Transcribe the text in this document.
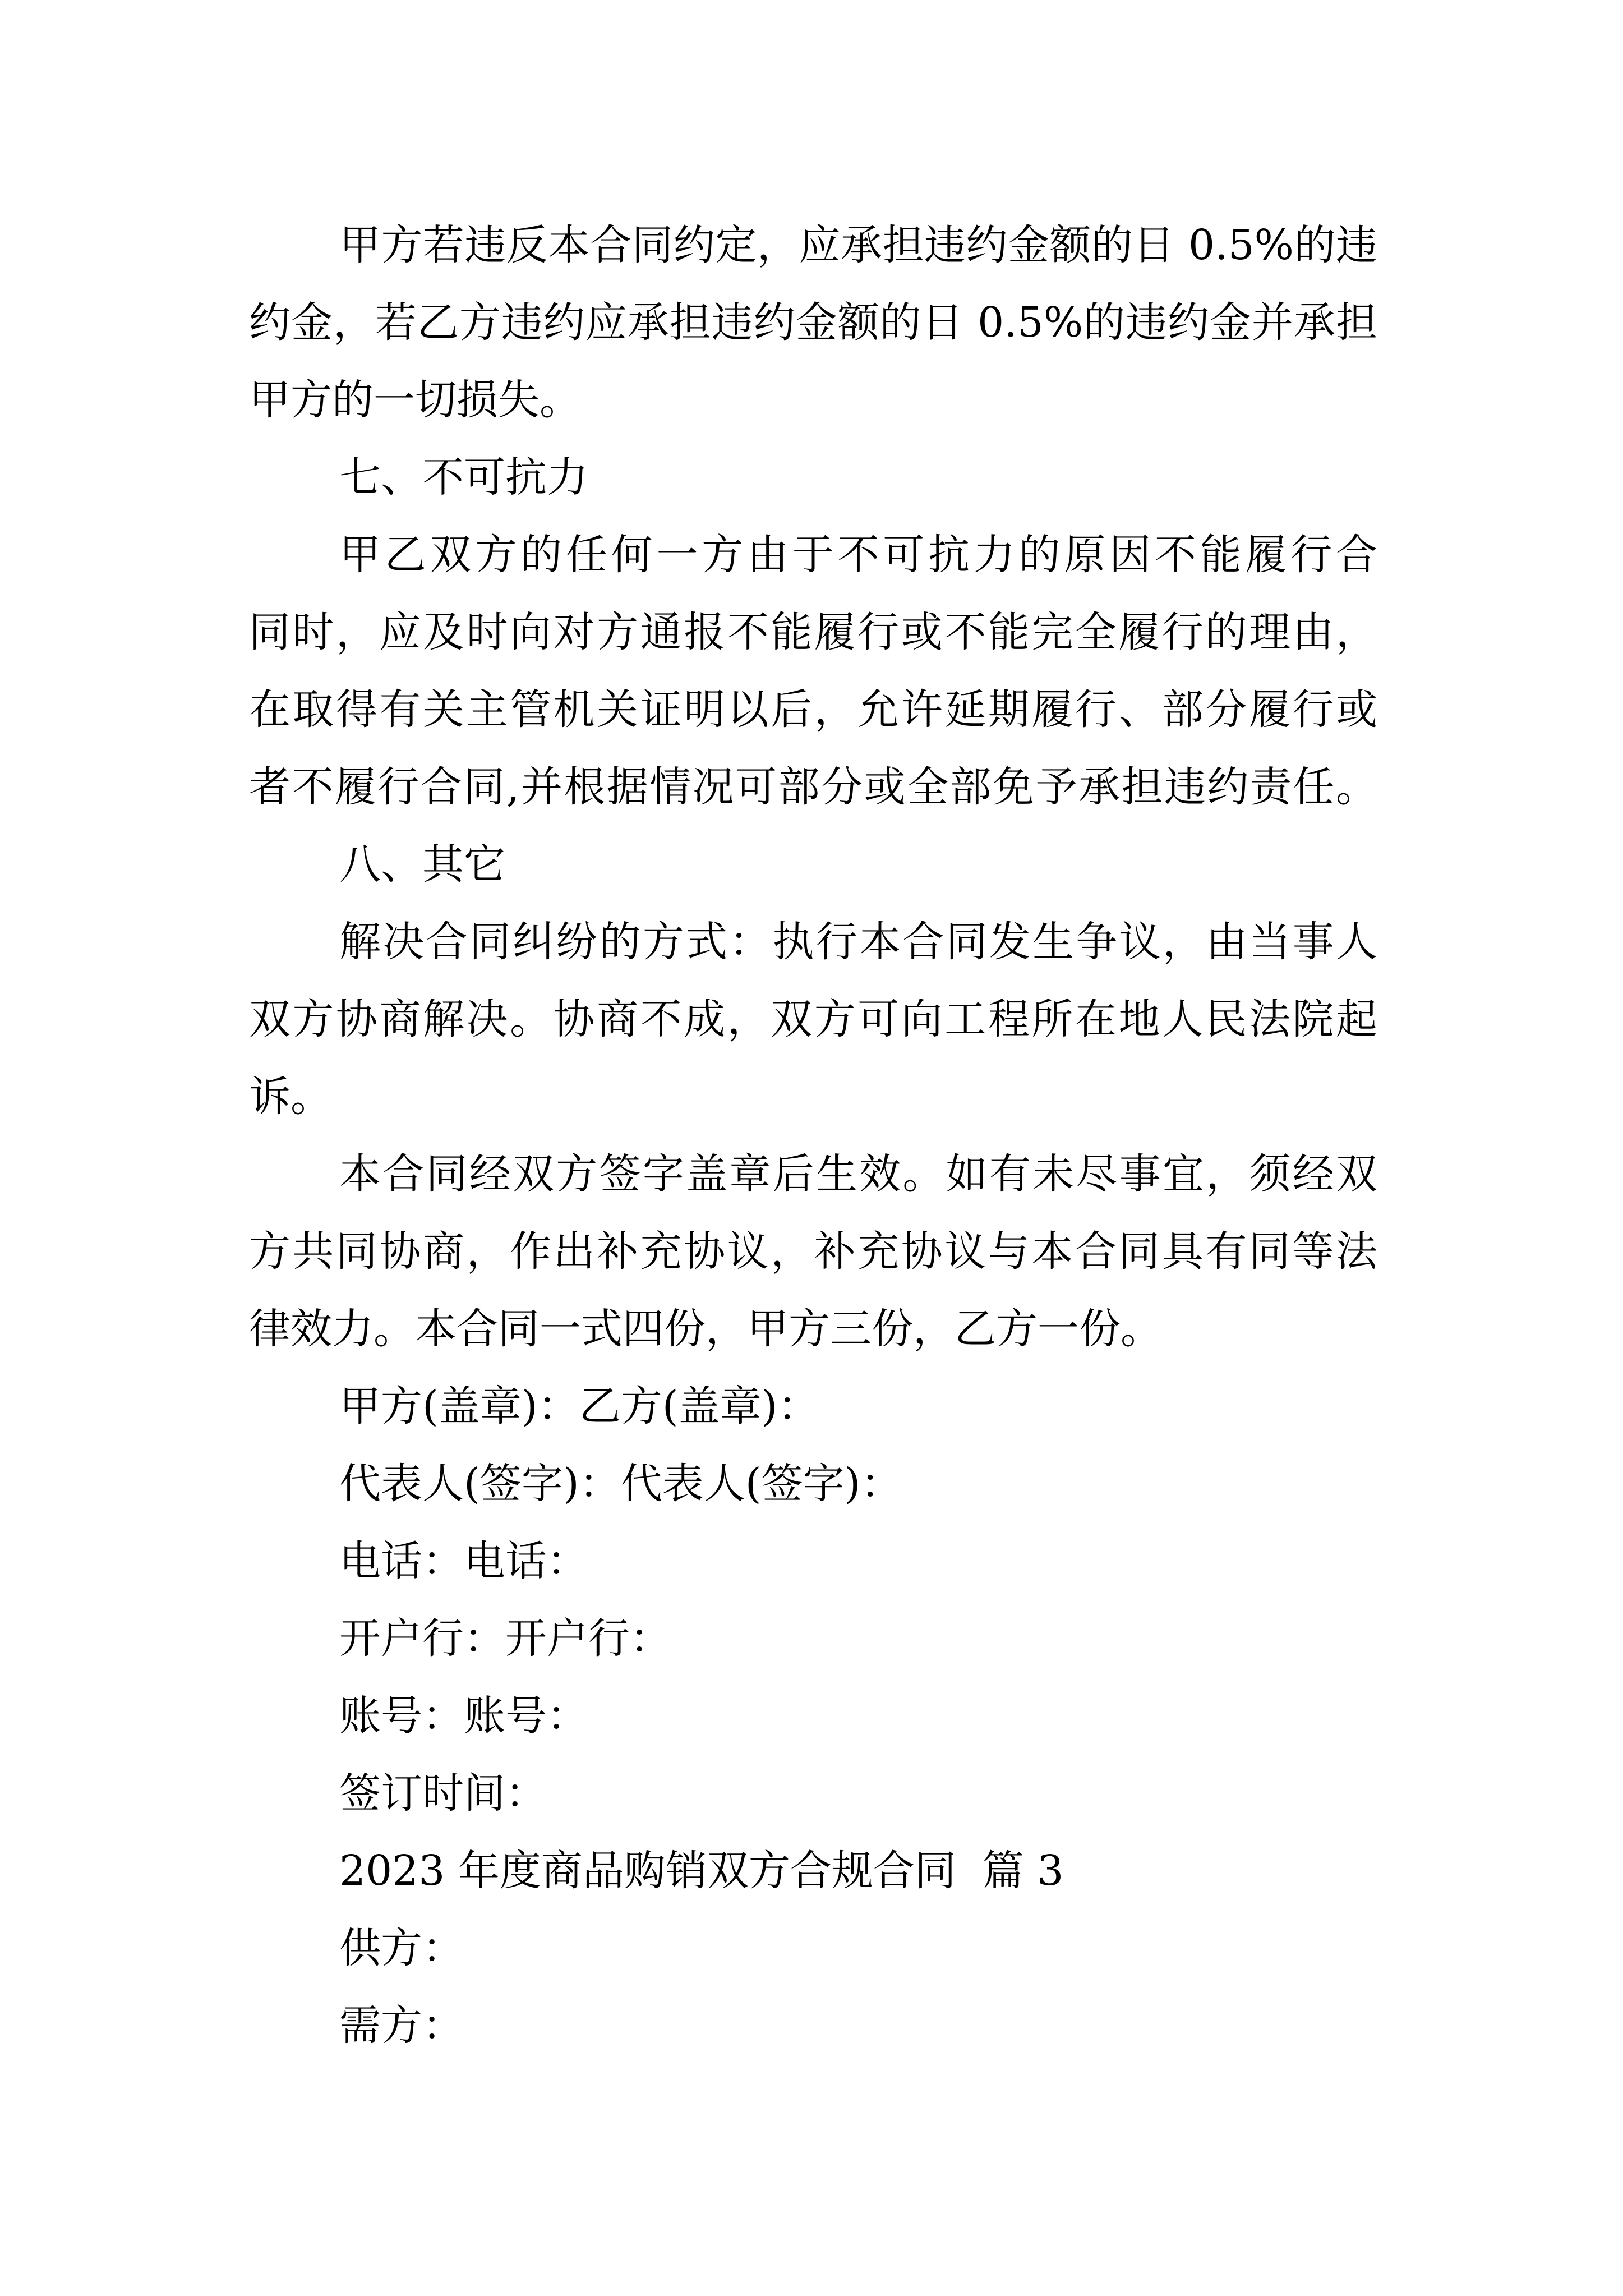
甲方若违反本合同约定，应承担违约金额的日 0.5%的违
约金，若乙方违约应承担违约金额的日 0.5%的违约金并承担
甲方的一切损失。
七、不可抗力
甲乙双方的任何一方由于不可抗力的原因不能履行合
同时，应及时向对方通报不能履行或不能完全履行的理由，
在取得有关主管机关证明以后，允许延期履行、部分履行或
者不履行合同,并根据情况可部分或全部免予承担违约责任。
八、其它
解决合同纠纷的方式：执行本合同发生争议，由当事人
双方协商解决。协商不成，双方可向工程所在地人民法院起
诉。
本合同经双方签字盖章后生效。如有未尽事宜，须经双
方共同协商，作出补充协议，补充协议与本合同具有同等法
律效力。本合同一式四份，甲方三份，乙方一份。
甲方(盖章)：乙方(盖章)：
代表人(签字)：代表人(签字)：
电话：电话：
开户行：开户行：
账号：账号：
签订时间：
2023 年度商品购销双方合规合同  篇 3
供方：
需方：
